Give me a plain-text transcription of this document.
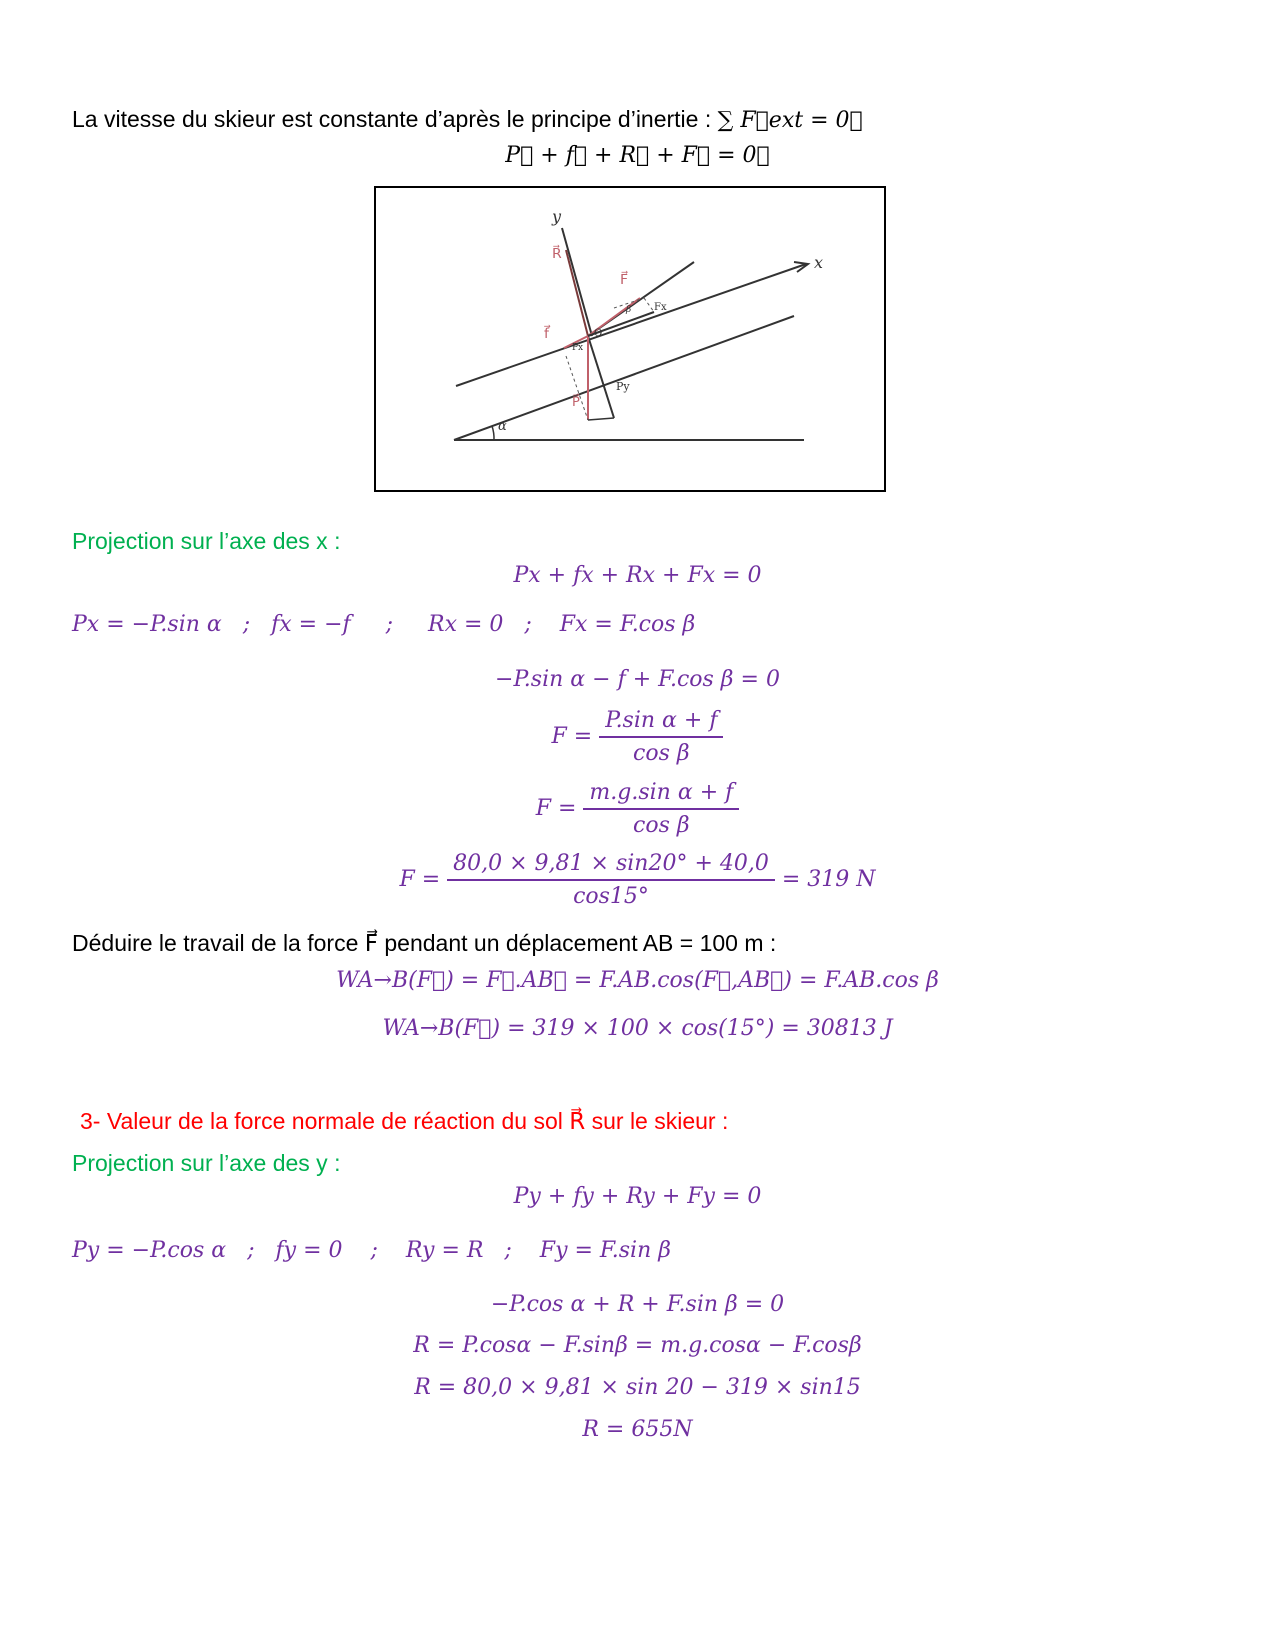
La vitesse du skieur est constante d’après le principe d’inertie : ∑ F⃗ext = 0⃗
P⃗ + f⃗ + R⃗ + F⃗ = 0⃗
y
x
R⃗
F⃗
f⃗
P⃗
Fx
Px
Py
O
α
β
Projection sur l’axe des x :
Px + fx + Rx + Fx = 0
Px = −P.sin α   ;   fx = −f     ;     Rx = 0   ;    Fx = F.cos β
−P.sin α − f + F.cos β = 0
$F = \frac{\text{P.sin α + f}}{\text{cos β}}$
$F = \frac{\text{m.g.sin α + f}}{\text{cos β}}$
$F = \frac{80,0 \times 9,81 \times \sin 20^\circ + 40,0}{\cos 15^\circ} = 319$ N
Déduire le travail de la force F⃗ pendant un déplacement AB = 100 m :
WA→B(F⃗) = F⃗.AB⃗ = F.AB.cos(F⃗,AB⃗) = F.AB.cos β
WA→B(F⃗) = 319 × 100 × cos(15°) = 30813 J
3- Valeur de la force normale de réaction du sol R⃗ sur le skieur :
Projection sur l’axe des y :
Py + fy + Ry + Fy = 0
Py = −P.cos α   ;   fy = 0    ;    Ry = R   ;    Fy = F.sin β
−P.cos α + R + F.sin β = 0
R = P.cosα − F.sinβ = m.g.cosα − F.cosβ
R = 80,0 × 9,81 × sin 20 − 319 × sin15
R = 655N
